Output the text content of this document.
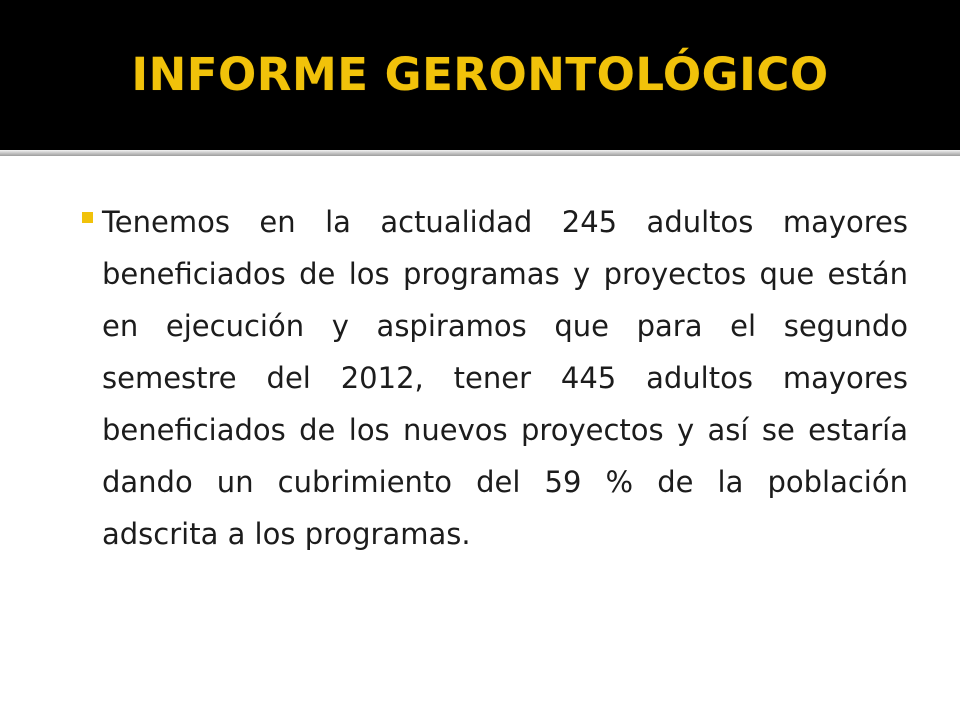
INFORME GERONTOLÓGICO

Tenemos en la actualidad 245 adultos mayores beneficiados de los programas y proyectos que están en ejecución y aspiramos que para el segundo semestre del 2012, tener 445 adultos mayores beneficiados de los nuevos proyectos y así se estaría dando un cubrimiento del 59 % de la población adscrita a los programas.
